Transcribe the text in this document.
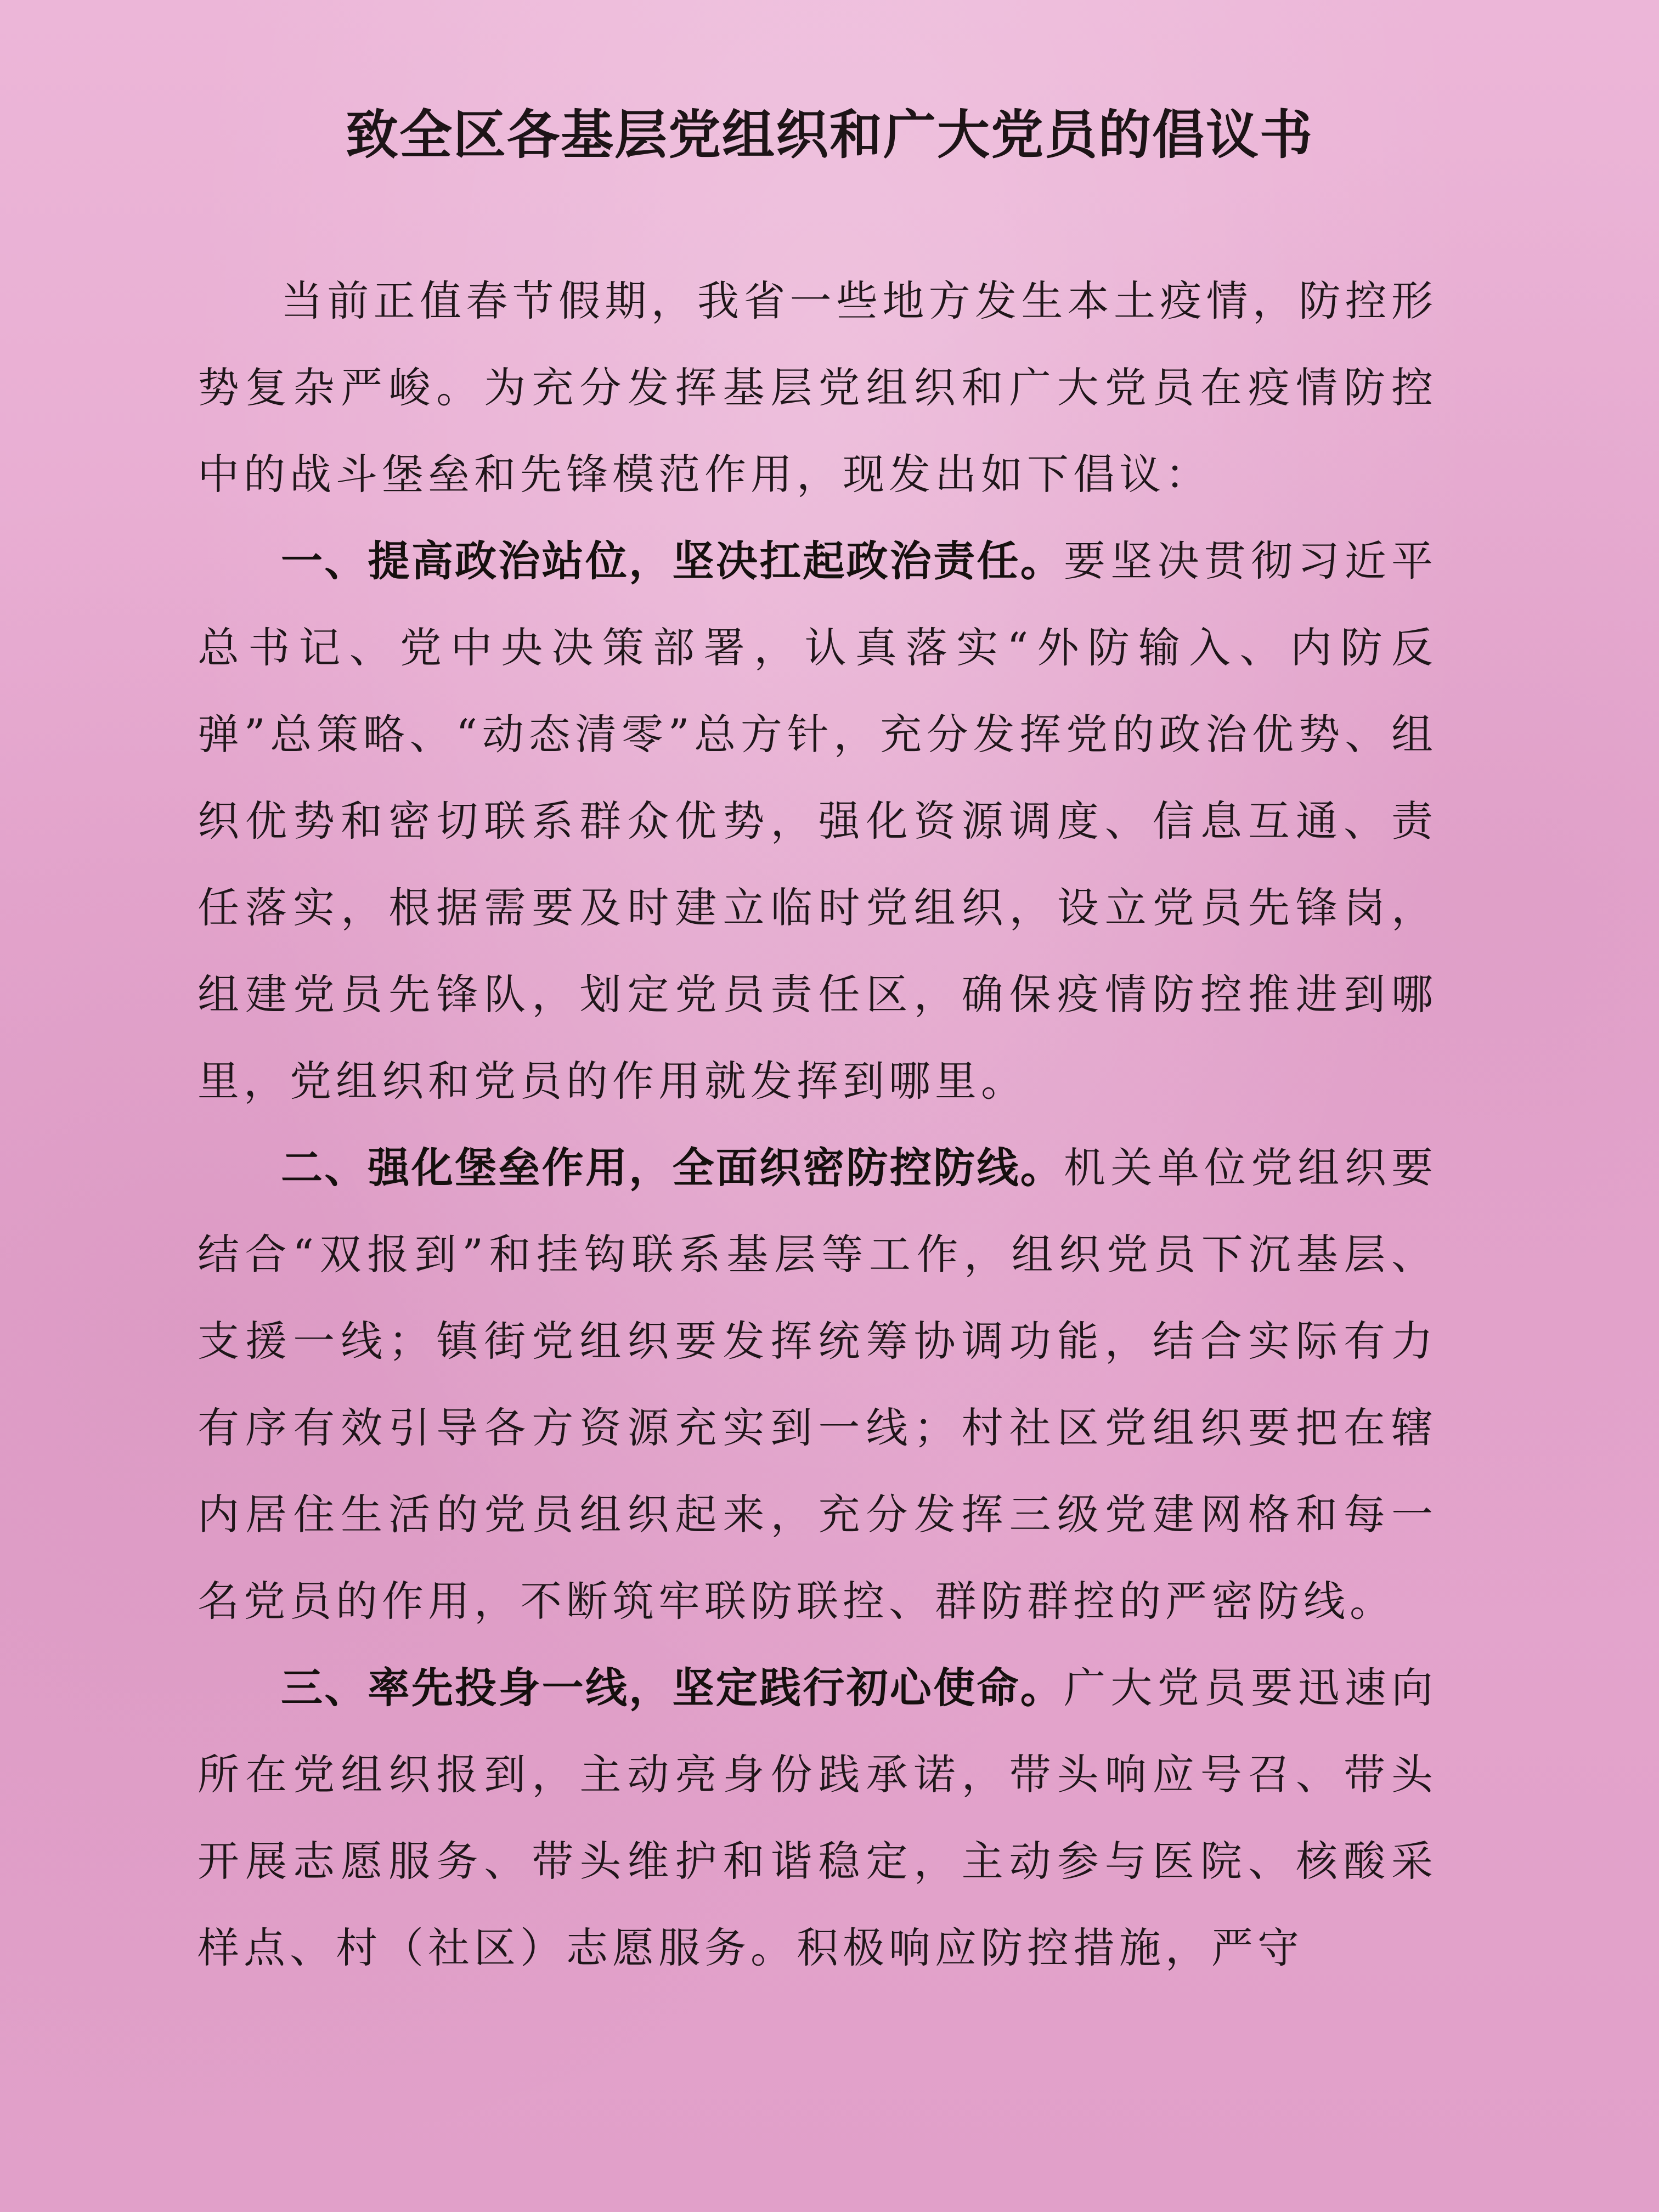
致全区各基层党组织和广大党员的倡议书

当前正值春节假期，我省一些地方发生本土疫情，防控形势复杂严峻。为充分发挥基层党组织和广大党员在疫情防控中的战斗堡垒和先锋模范作用，现发出如下倡议：

一、提高政治站位，坚决扛起政治责任。要坚决贯彻习近平总书记、党中央决策部署，认真落实“外防输入、内防反弹”总策略、“动态清零”总方针，充分发挥党的政治优势、组织优势和密切联系群众优势，强化资源调度、信息互通、责任落实，根据需要及时建立临时党组织，设立党员先锋岗，组建党员先锋队，划定党员责任区，确保疫情防控推进到哪里，党组织和党员的作用就发挥到哪里。

二、强化堡垒作用，全面织密防控防线。机关单位党组织要结合“双报到”和挂钩联系基层等工作，组织党员下沉基层、支援一线；镇街党组织要发挥统筹协调功能，结合实际有力有序有效引导各方资源充实到一线；村社区党组织要把在辖内居住生活的党员组织起来，充分发挥三级党建网格和每一名党员的作用，不断筑牢联防联控、群防群控的严密防线。

三、率先投身一线，坚定践行初心使命。广大党员要迅速向所在党组织报到，主动亮身份践承诺，带头响应号召、带头开展志愿服务、带头维护和谐稳定，主动参与医院、核酸采样点、村（社区）志愿服务。积极响应防控措施，严守
